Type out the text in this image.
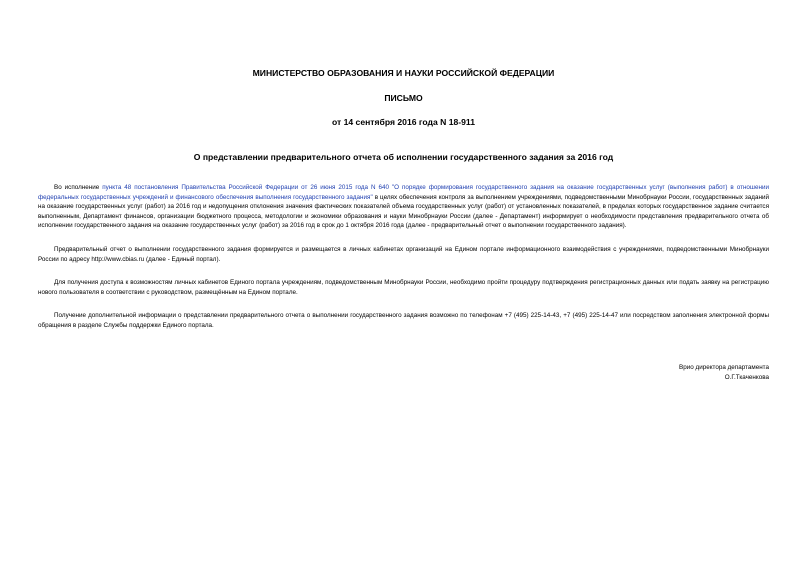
МИНИСТЕРСТВО ОБРАЗОВАНИЯ И НАУКИ РОССИЙСКОЙ ФЕДЕРАЦИИ
ПИСЬМО
от 14 сентября 2016 года N 18-911
О представлении предварительного отчета об исполнении государственного задания за 2016 год

Во исполнение пункта 48 постановления Правительства Российской Федерации от 26 июня 2015 года N 640 "О порядке формирования государственного задания на оказание государственных услуг (выполнения работ) в отношении федеральных государственных учреждений и финансового обеспечения выполнения государственного задания" в целях обеспечения контроля за выполнением учреждениями, подведомственными Минобрнауки России, государственных заданий на оказание государственных услуг (работ) за 2016 год и недопущения отклонения значения фактических показателей объема государственных услуг (работ) от установленных показателей, в пределах которых государственное задание считается выполненным, Департамент финансов, организации бюджетного процесса, методологии и экономики образования и науки Минобрнауки России (далее - Департамент) информирует о необходимости представления предварительного отчета об исполнении государственного задания на оказание государственных услуг (работ) за 2016 год в срок до 1 октября 2016 года (далее - предварительный отчет о выполнении государственного задания).

Предварительный отчет о выполнении государственного задания формируется и размещается в личных кабинетах организаций на Едином портале информационного взаимодействия с учреждениями, подведомственными Минобрнауки России по адресу http://www.cbias.ru (далее - Единый портал).

Для получения доступа к возможностям личных кабинетов Единого портала учреждениям, подведомственным Минобрнауки России, необходимо пройти процедуру подтверждения регистрационных данных или подать заявку на регистрацию нового пользователя в соответствии с руководством, размещённым на Едином портале.

Получение дополнительной информации о представлении предварительного отчета о выполнении государственного задания возможно по телефонам +7 (495) 225-14-43, +7 (495) 225-14-47 или посредством заполнения электронной формы обращения в разделе Службы поддержки Единого портала.

Врио директора департамента
О.Г.Ткаченкова
